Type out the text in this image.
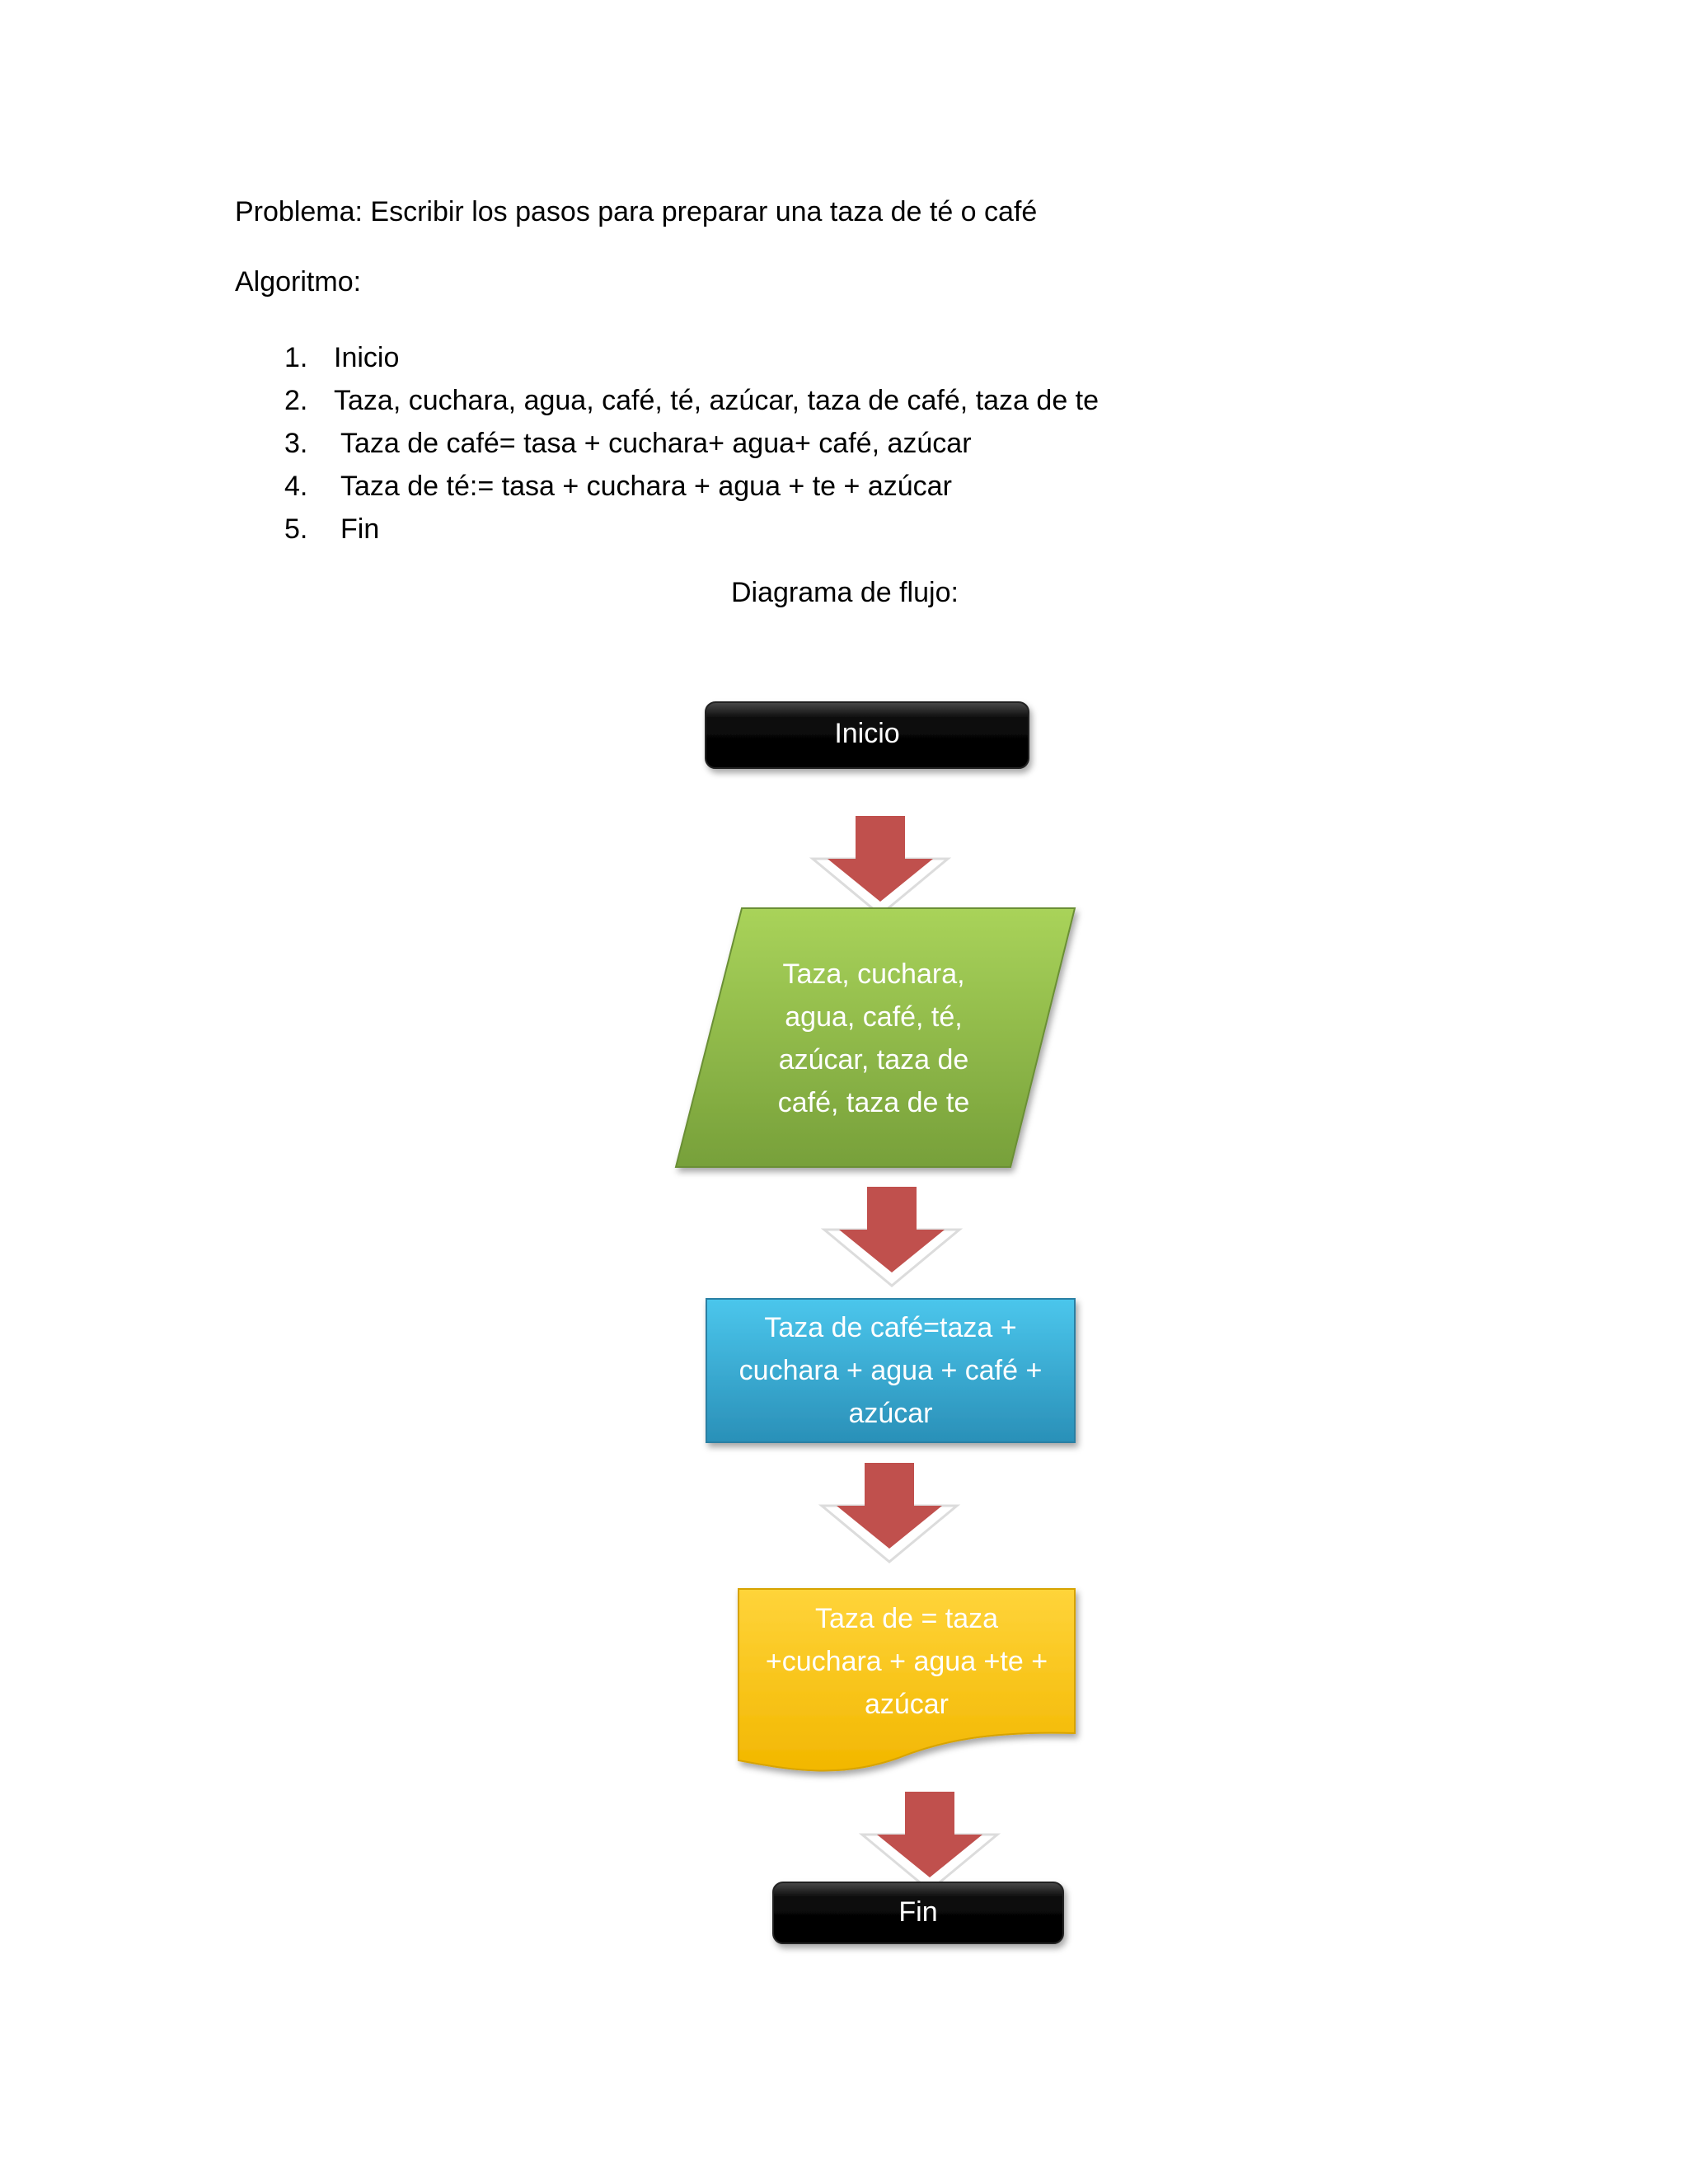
Problema: Escribir los pasos para preparar una taza de té o café

Algoritmo:

1. Inicio
2. Taza, cuchara, agua, café, té, azúcar, taza de café, taza de te
3.	Taza de café= tasa + cuchara+ agua+ café, azúcar
4.	Taza de té:= tasa + cuchara + agua + te + azúcar
5.	Fin
Diagrama de flujo:
Inicio
Taza, cuchara,
agua, café, té,
azúcar, taza de
café, taza de te
Taza de café=taza +
cuchara + agua + café +
azúcar
Taza de = taza
+cuchara + agua +te +
azúcar
Fin
